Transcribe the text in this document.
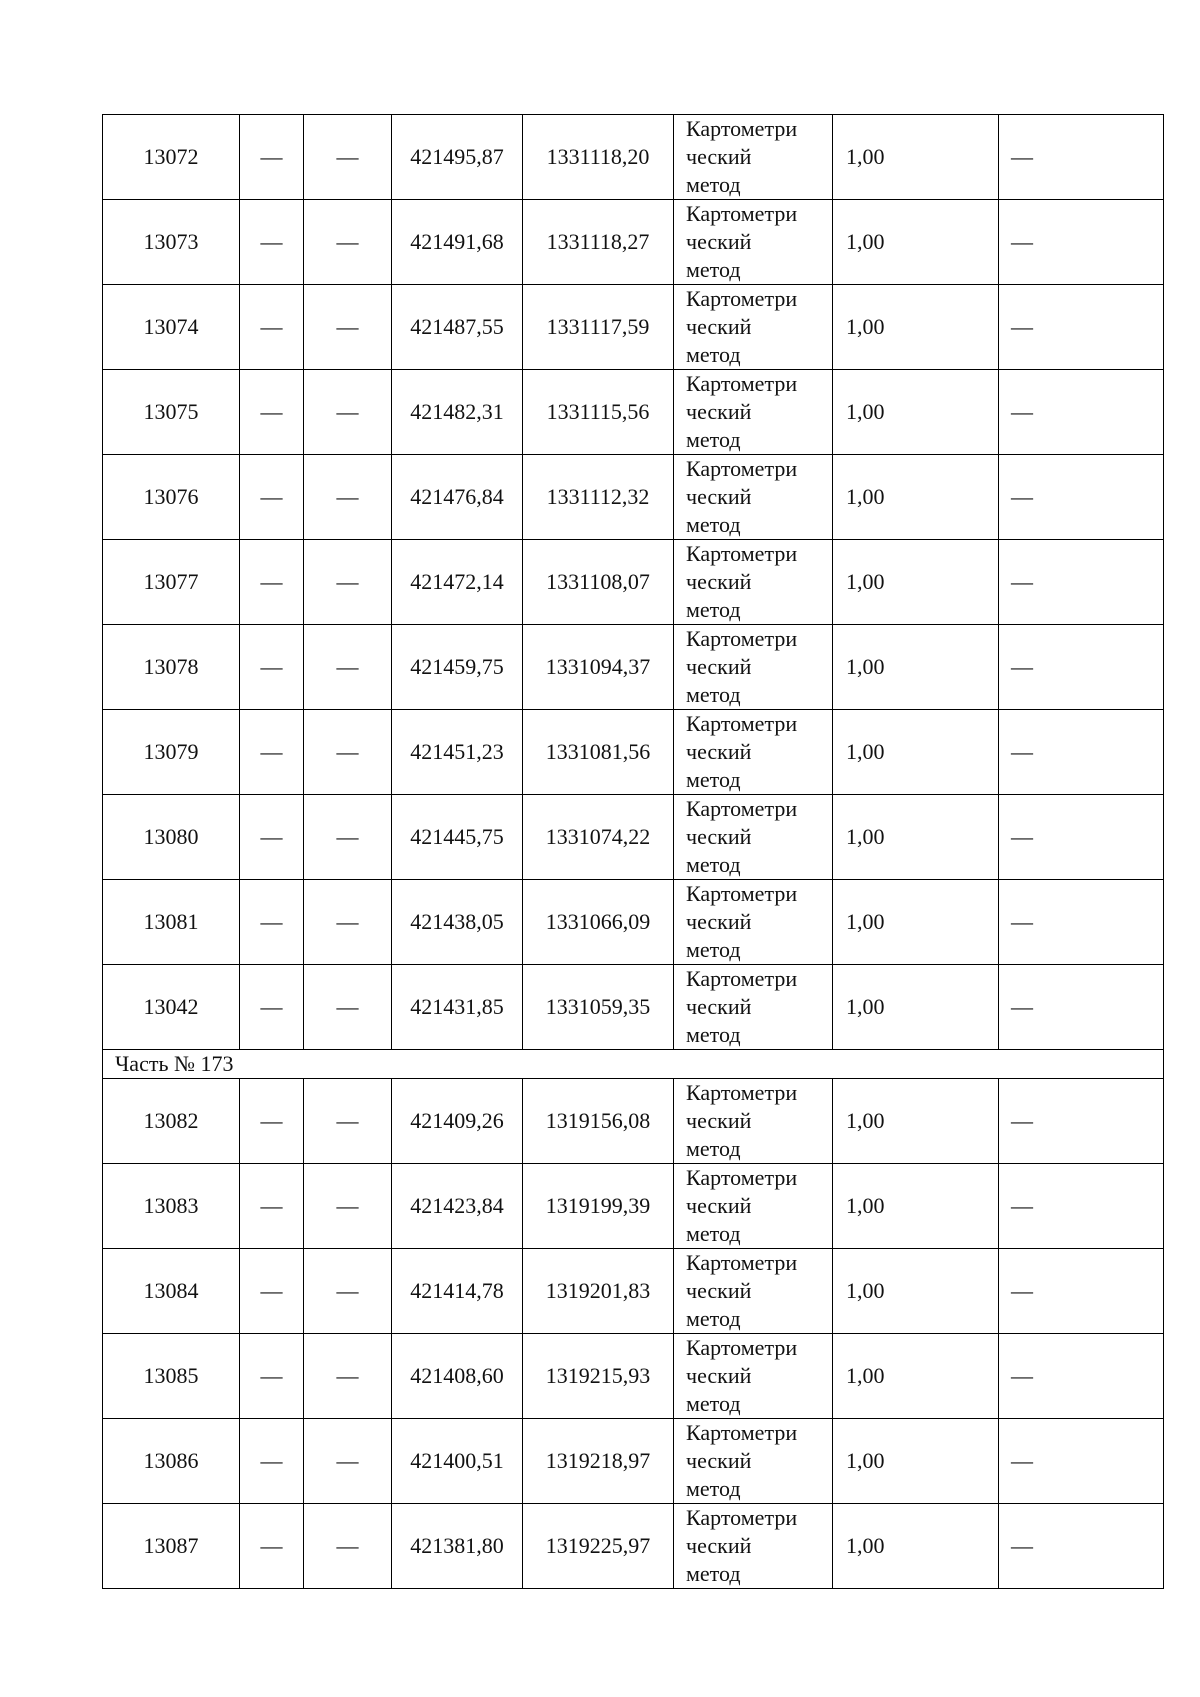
13072	—	—	421495,87	1331118,20	Картометри
ческий
метод	1,00	—
13073	—	—	421491,68	1331118,27	Картометри
ческий
метод	1,00	—
13074	—	—	421487,55	1331117,59	Картометри
ческий
метод	1,00	—
13075	—	—	421482,31	1331115,56	Картометри
ческий
метод	1,00	—
13076	—	—	421476,84	1331112,32	Картометри
ческий
метод	1,00	—
13077	—	—	421472,14	1331108,07	Картометри
ческий
метод	1,00	—
13078	—	—	421459,75	1331094,37	Картометри
ческий
метод	1,00	—
13079	—	—	421451,23	1331081,56	Картометри
ческий
метод	1,00	—
13080	—	—	421445,75	1331074,22	Картометри
ческий
метод	1,00	—
13081	—	—	421438,05	1331066,09	Картометри
ческий
метод	1,00	—
13042	—	—	421431,85	1331059,35	Картометри
ческий
метод	1,00	—
Часть № 173							
13082	—	—	421409,26	1319156,08	Картометри
ческий
метод	1,00	—
13083	—	—	421423,84	1319199,39	Картометри
ческий
метод	1,00	—
13084	—	—	421414,78	1319201,83	Картометри
ческий
метод	1,00	—
13085	—	—	421408,60	1319215,93	Картометри
ческий
метод	1,00	—
13086	—	—	421400,51	1319218,97	Картометри
ческий
метод	1,00	—
13087	—	—	421381,80	1319225,97	Картометри
ческий
метод	1,00	—
